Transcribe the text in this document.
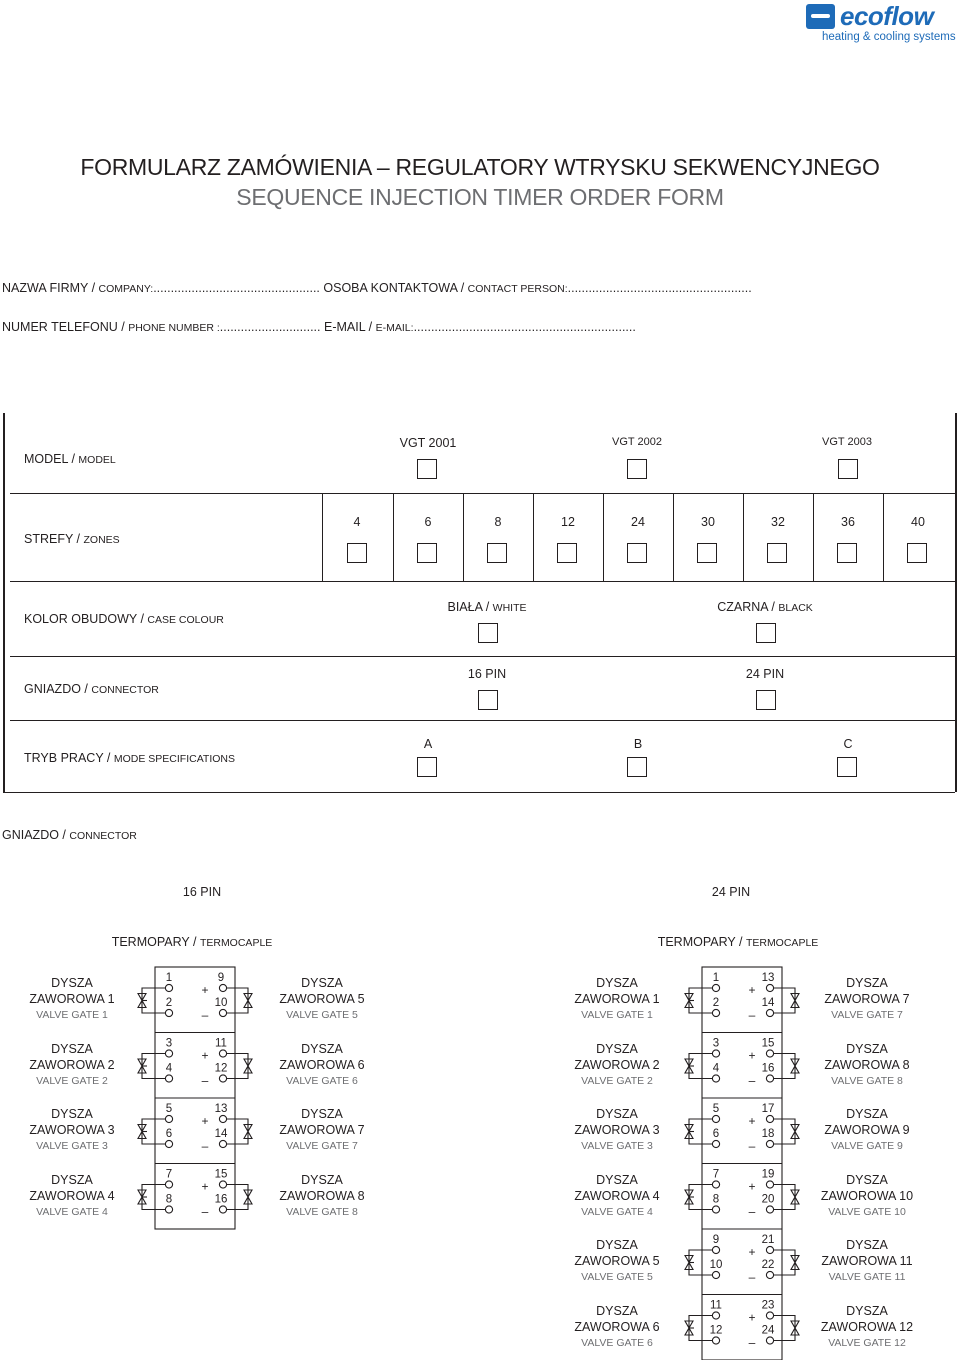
ecoflow
heating & cooling systems
FORMULARZ ZAMÓWIENIA – REGULATORY WTRYSKU SEKWENCYJNEGO
SEQUENCE INJECTION TIMER ORDER FORM
NAZWA FIRMY / COMPANY:................................................ OSOBA KONTAKTOWA / CONTACT PERSON:.....................................................
NUMER TELEFONU / PHONE NUMBER :............................. E-MAIL / E-MAIL:................................................................
MODEL / MODEL
VGT 2001	VGT 2002	VGT 2003
STREFY / ZONES
4	6	8	12	24	30	32	36	40
KOLOR OBUDOWY / CASE COLOUR
BIAŁA / WHITE	CZARNA / BLACK
GNIAZDO / CONNECTOR
16 PIN	24 PIN
TRYB PRACY / MODE SPECIFICATIONS
A	B	C
GNIAZDO / CONNECTOR
16 PIN	24 PIN
TERMOPARY / TERMOCAPLE	TERMOPARY / TERMOCAPLE
1
2
9
10
+
–
3
4
11
12
+
–
5
6
13
14
+
–
7
8
15
16
+
–
1
2
13
14
+
–
3
4
15
16
+
–
5
6
17
18
+
–
7
8
19
20
+
–
9
10
21
22
+
–
11
12
23
24
+
–
DYSZA
ZAWOROWA 1
VALVE GATE 1
DYSZA
ZAWOROWA 5
VALVE GATE 5
DYSZA
ZAWOROWA 2
VALVE GATE 2
DYSZA
ZAWOROWA 6
VALVE GATE 6
DYSZA
ZAWOROWA 3
VALVE GATE 3
DYSZA
ZAWOROWA 7
VALVE GATE 7
DYSZA
ZAWOROWA 4
VALVE GATE 4
DYSZA
ZAWOROWA 8
VALVE GATE 8
DYSZA
ZAWOROWA 1
VALVE GATE 1
DYSZA
ZAWOROWA 7
VALVE GATE 7
DYSZA
ZAWOROWA 2
VALVE GATE 2
DYSZA
ZAWOROWA 8
VALVE GATE 8
DYSZA
ZAWOROWA 3
VALVE GATE 3
DYSZA
ZAWOROWA 9
VALVE GATE 9
DYSZA
ZAWOROWA 4
VALVE GATE 4
DYSZA
ZAWOROWA 10
VALVE GATE 10
DYSZA
ZAWOROWA 5
VALVE GATE 5
DYSZA
ZAWOROWA 11
VALVE GATE 11
DYSZA
ZAWOROWA 6
VALVE GATE 6
DYSZA
ZAWOROWA 12
VALVE GATE 12
